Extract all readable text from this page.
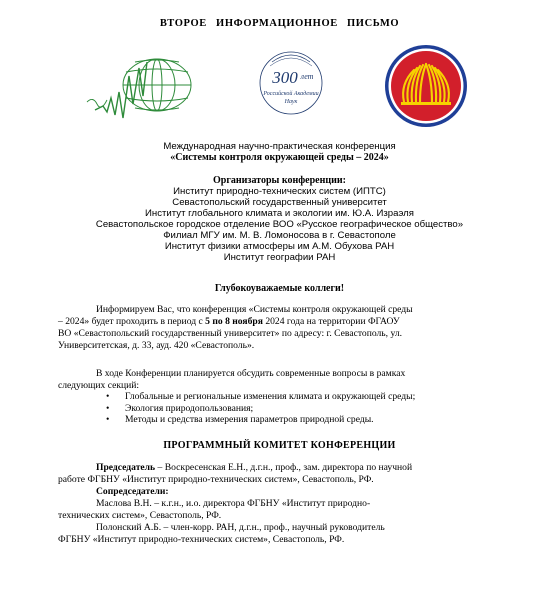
ВТОРОЕ ИНФОРМАЦИОННОЕ ПИСЬМО
300 лет
Российской Академии
Наук
Международная научно-практическая конференция
«Системы контроля окружающей среды – 2024»
Организаторы конференции:
Институт природно-технических систем (ИПТС)
Севастопольский государственный университет
Институт глобального климата и экологии им. Ю.А. Израэля
Севастопольское городское отделение ВОО «Русское географическое общество»
Филиал МГУ им. М. В. Ломоносова в г. Севастополе
Институт физики атмосферы им А.М. Обухова РАН
Институт географии РАН
Глубокоуважаемые коллеги!
Информируем Вас, что конференция «Системы контроля окружающей среды
– 2024» будет проходить в период с 5 по 8 ноября 2024 года на территории ФГАОУ
ВО «Севастопольский государственный университет» по адресу: г. Севастополь, ул.
Университетская, д. 33, ауд. 420 «Севастополь».
В ходе Конференции планируется обсудить современные вопросы в рамках
следующих секций:
• Глобальные и региональные изменения климата и окружающей среды;
• Экология природопользования;
• Методы и средства измерения параметров природной среды.
ПРОГРАММНЫЙ КОМИТЕТ КОНФЕРЕНЦИИ
Председатель – Воскресенская Е.Н., д.г.н., проф., зам. директора по научной
работе ФГБНУ «Институт природно-технических систем», Севастополь, РФ.
Сопредседатели:
Маслова В.Н. – к.г.н., и.о. директора ФГБНУ «Институт природно-
технических систем», Севастополь, РФ.
Полонский А.Б. – член-корр. РАН, д.г.н., проф., научный руководитель
ФГБНУ «Институт природно-технических систем», Севастополь, РФ.
